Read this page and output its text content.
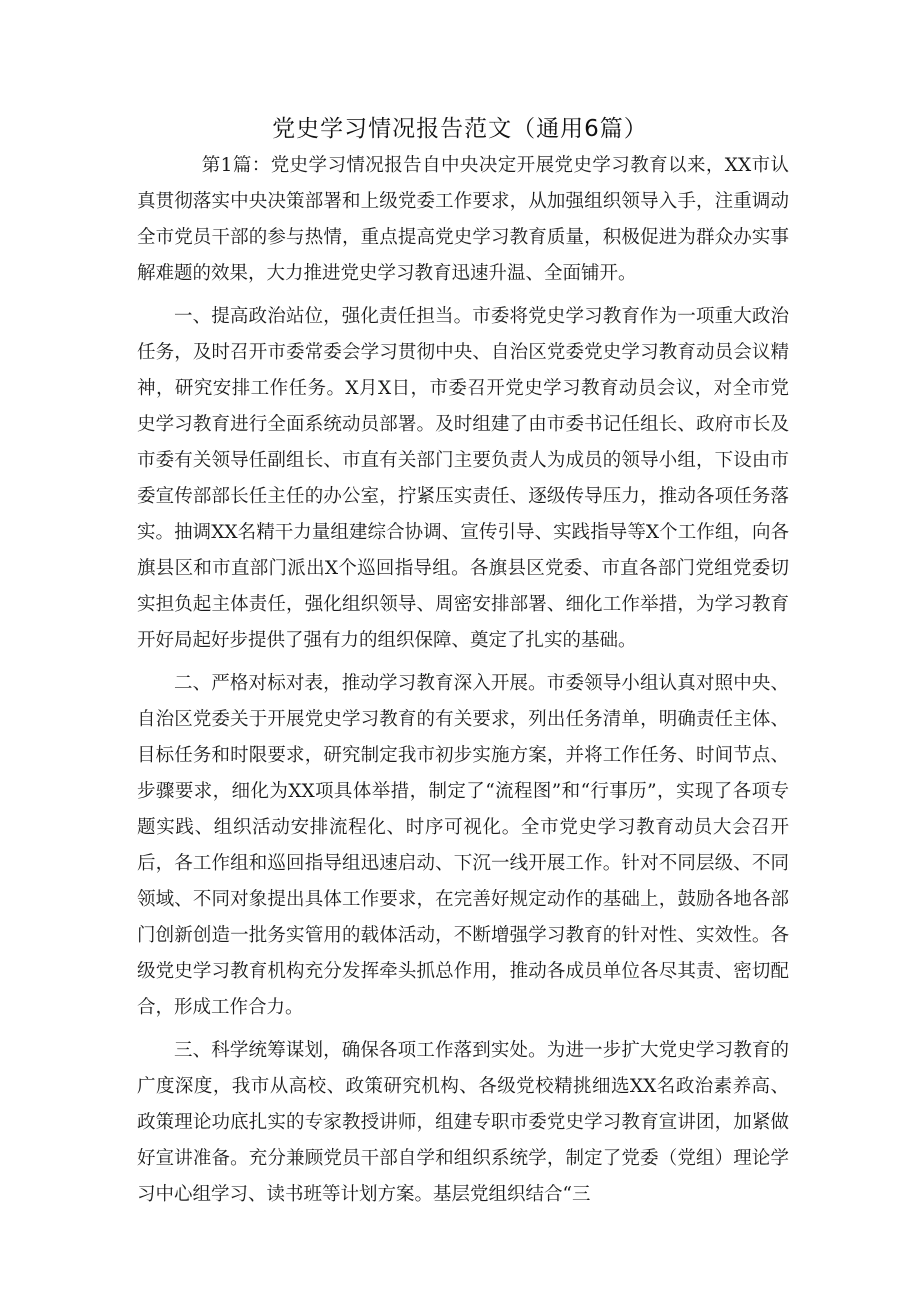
党史学习情况报告范文（通用6篇）

第1篇：党史学习情况报告自中央决定开展党史学习教育以来，XX市认真贯彻落实中央决策部署和上级党委工作要求，从加强组织领导入手，注重调动全市党员干部的参与热情，重点提高党史学习教育质量，积极促进为群众办实事解难题的效果，大力推进党史学习教育迅速升温、全面铺开。

一、提高政治站位，强化责任担当。市委将党史学习教育作为一项重大政治任务，及时召开市委常委会学习贯彻中央、自治区党委党史学习教育动员会议精神，研究安排工作任务。X月X日，市委召开党史学习教育动员会议，对全市党史学习教育进行全面系统动员部署。及时组建了由市委书记任组长、政府市长及市委有关领导任副组长、市直有关部门主要负责人为成员的领导小组，下设由市委宣传部部长任主任的办公室，拧紧压实责任、逐级传导压力，推动各项任务落实。抽调XX名精干力量组建综合协调、宣传引导、实践指导等X个工作组，向各旗县区和市直部门派出X个巡回指导组。各旗县区党委、市直各部门党组党委切实担负起主体责任，强化组织领导、周密安排部署、细化工作举措，为学习教育开好局起好步提供了强有力的组织保障、奠定了扎实的基础。

二、严格对标对表，推动学习教育深入开展。市委领导小组认真对照中央、自治区党委关于开展党史学习教育的有关要求，列出任务清单，明确责任主体、目标任务和时限要求，研究制定我市初步实施方案，并将工作任务、时间节点、步骤要求，细化为XX项具体举措，制定了“流程图”和“行事历”，实现了各项专题实践、组织活动安排流程化、时序可视化。全市党史学习教育动员大会召开后，各工作组和巡回指导组迅速启动、下沉一线开展工作。针对不同层级、不同领域、不同对象提出具体工作要求，在完善好规定动作的基础上，鼓励各地各部门创新创造一批务实管用的载体活动，不断增强学习教育的针对性、实效性。各级党史学习教育机构充分发挥牵头抓总作用，推动各成员单位各尽其责、密切配合，形成工作合力。

三、科学统筹谋划，确保各项工作落到实处。为进一步扩大党史学习教育的广度深度，我市从高校、政策研究机构、各级党校精挑细选XX名政治素养高、政策理论功底扎实的专家教授讲师，组建专职市委党史学习教育宣讲团，加紧做好宣讲准备。充分兼顾党员干部自学和组织系统学，制定了党委（党组）理论学习中心组学习、读书班等计划方案。基层党组织结合“三
